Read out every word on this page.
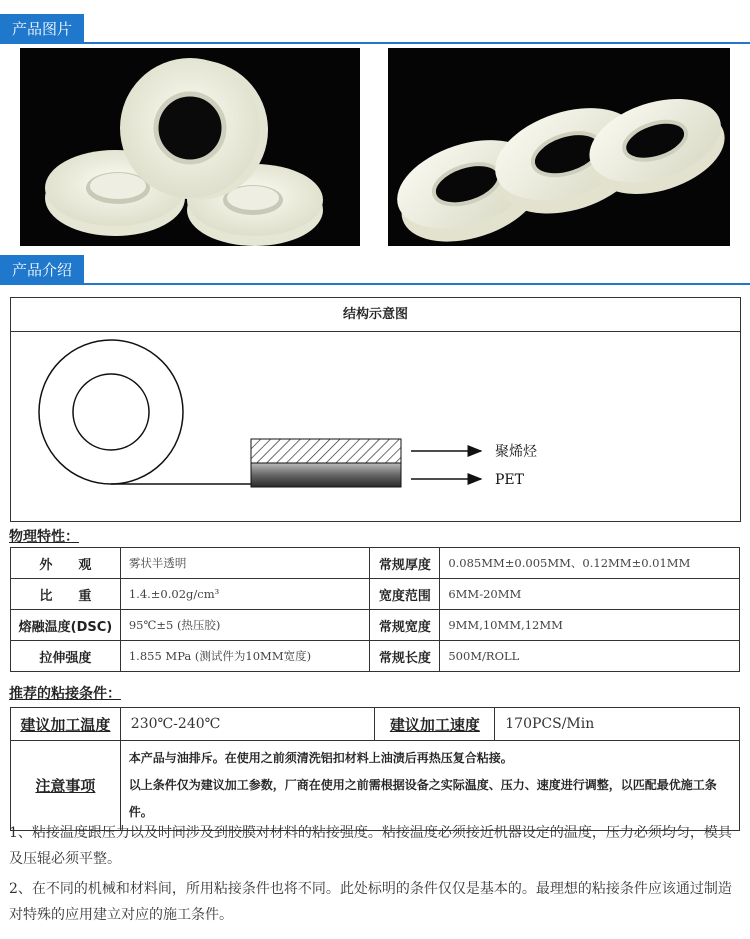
产品图片
产品介绍
结构示意图
聚烯烃
PET
物理特性：
外　　观	雾状半透明	常规厚度	0.085MM±0.005MM、0.12MM±0.01MM
比　　重	1.4.±0.02g/cm³	宽度范围	6MM-20MM
熔融温度(DSC)	95℃±5 (热压胶)	常规宽度	9MM,10MM,12MM
拉伸强度	1.855 MPa (测试件为10MM宽度)	常规长度	500M/ROLL
推荐的粘接条件：
建议加工温度	230℃-240℃	建议加工速度	170PCS/Min
注意事项	本产品与油排斥。在使用之前须清洗铝扣材料上油渍后再热压复合粘接。
以上条件仅为建议加工参数，厂商在使用之前需根据设备之实际温度、压力、速度进行调整，以匹配最优施工条件。		
1、粘接温度跟压力以及时间涉及到胶膜对材料的粘接强度。粘接温度必须接近机器设定的温度，压力必须均匀，模具及压辊必须平整。
2、在不同的机械和材料间，所用粘接条件也将不同。此处标明的条件仅仅是基本的。最理想的粘接条件应该通过制造对特殊的应用建立对应的施工条件。
